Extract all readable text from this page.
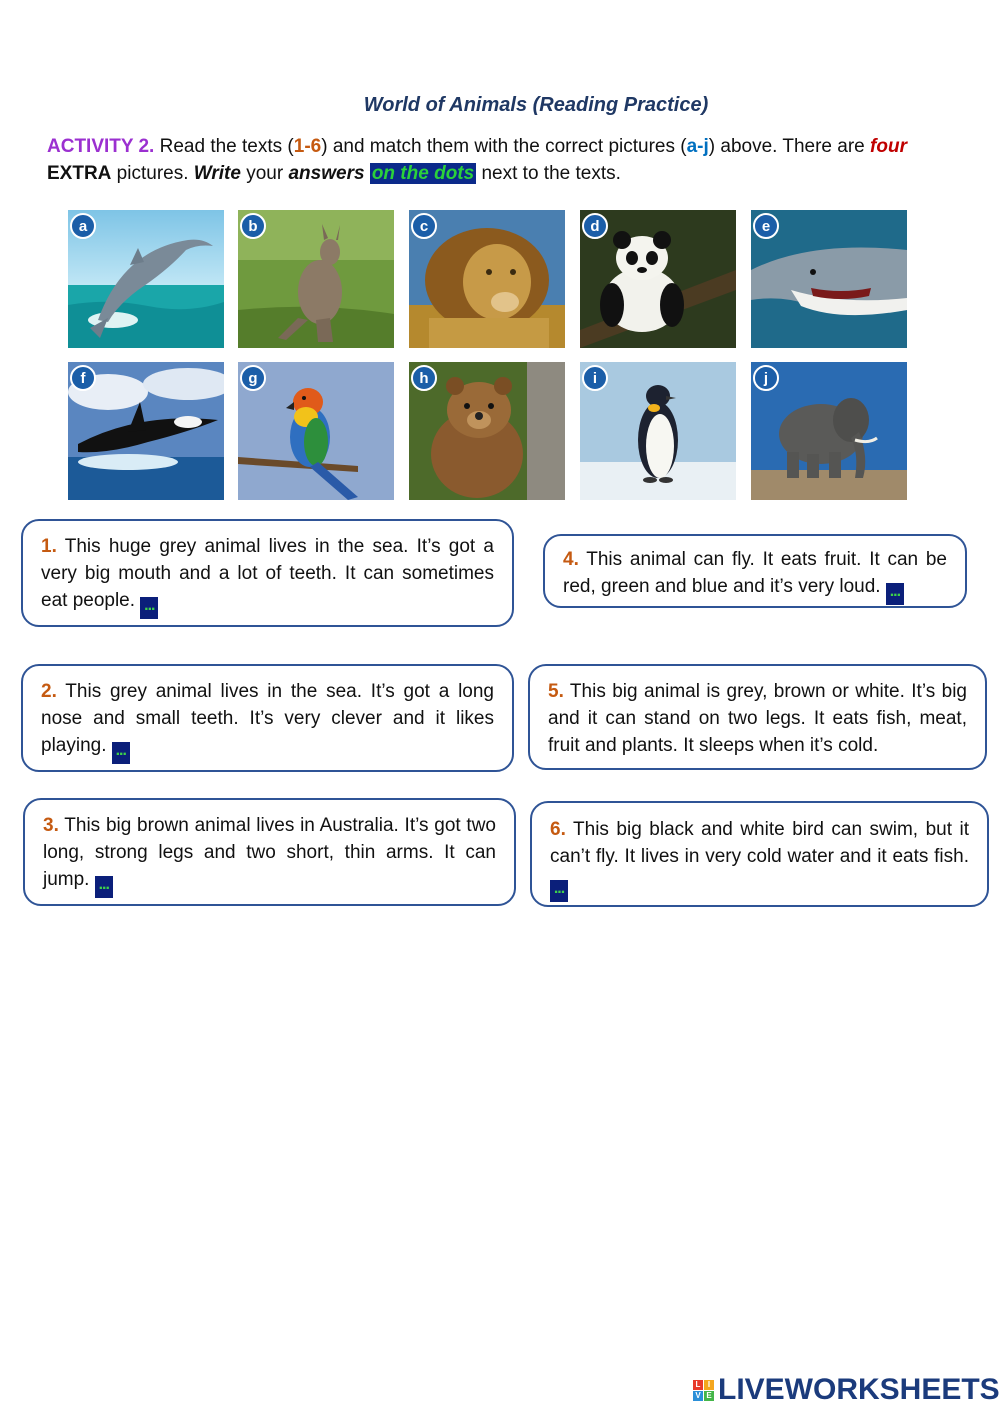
World of Animals (Reading Practice)
ACTIVITY 2. Read the texts (1-6) and match them with the correct pictures (a-j) above. There are four EXTRA pictures. Write your answers on the dots next to the texts.
a	b	c	d	e
f	g	h	i	j
1. This huge grey animal lives in the sea. It’s got a very big mouth and a lot of teeth. It can sometimes eat people. ...
4. This animal can fly. It eats fruit. It can be red, green and blue and it’s very loud. ...
2. This grey animal lives in the sea. It’s got a long nose and small teeth. It’s very clever and it likes playing. ...
5. This big animal is grey, brown or white. It’s big and it can stand on two legs. It eats fish, meat, fruit and plants. It sleeps when it’s cold.
3. This big brown animal lives in Australia. It’s got two long, strong legs and two short, thin arms. It can jump. ...
6. This big black and white bird can swim, but it can’t fly. It lives in very cold water and it eats fish. ...
L I
V E LIVEWORKSHEETS
